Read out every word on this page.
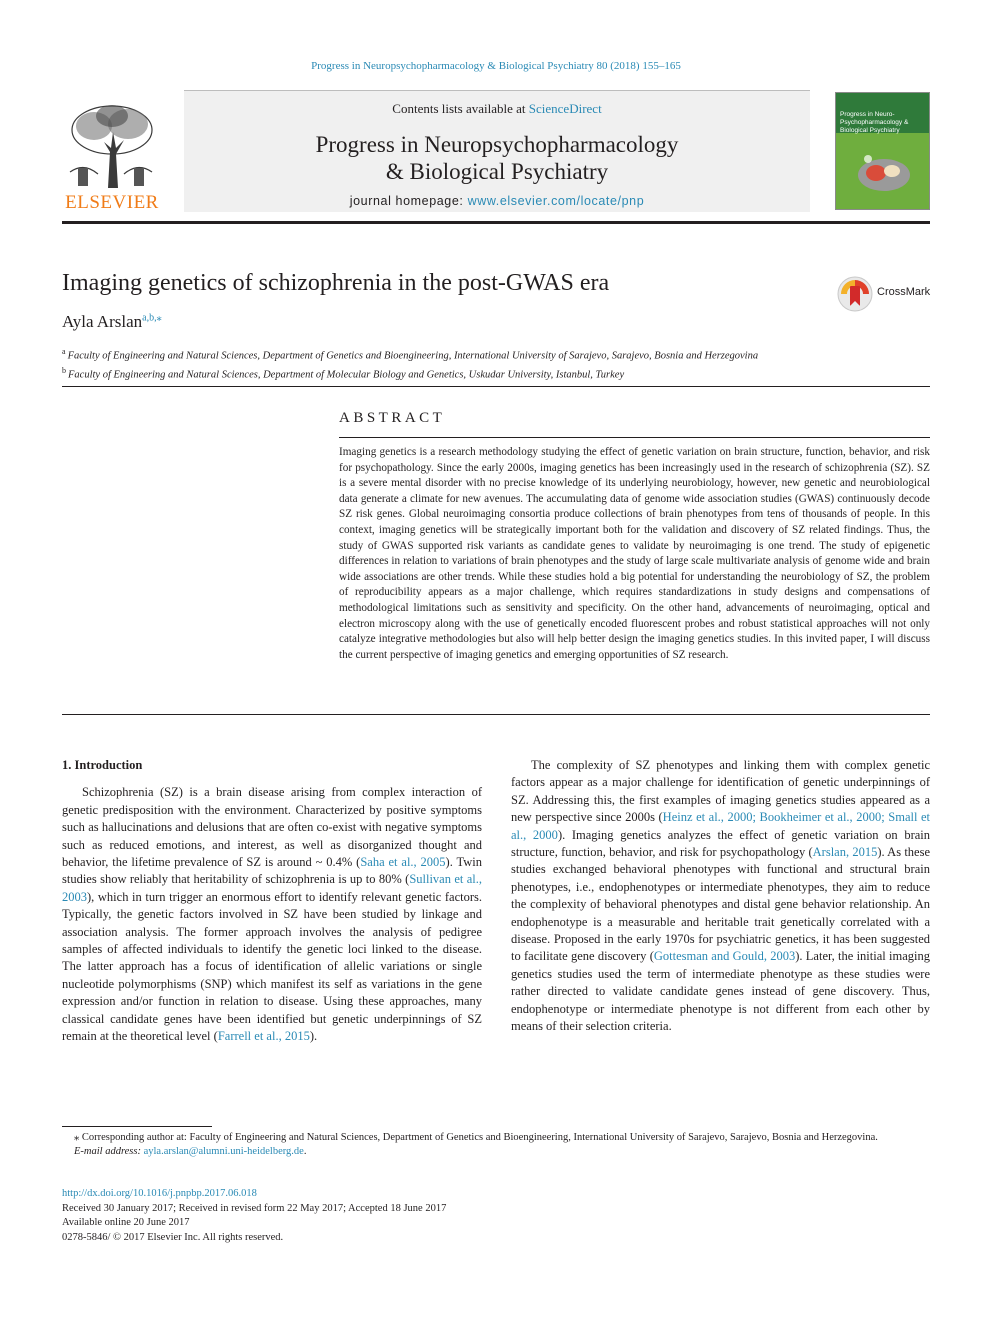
Progress in Neuropsychopharmacology & Biological Psychiatry 80 (2018) 155–165
ELSEVIER
Contents lists available at ScienceDirect
Progress in Neuropsychopharmacology
& Biological Psychiatry
journal homepage: www.elsevier.com/locate/pnp
Progress in Neuro-Psychopharmacology & Biological Psychiatry
Imaging genetics of schizophrenia in the post-GWAS era	CrossMark
Ayla Arslan$^{a,b,⁎}$
$^a$ Faculty of Engineering and Natural Sciences, Department of Genetics and Bioengineering, International University of Sarajevo, Sarajevo, Bosnia and Herzegovina
$^b$ Faculty of Engineering and Natural Sciences, Department of Molecular Biology and Genetics, Uskudar University, Istanbul, Turkey
ABSTRACT
Imaging genetics is a research methodology studying the effect of genetic variation on brain structure, function, behavior, and risk for psychopathology. Since the early 2000s, imaging genetics has been increasingly used in the research of schizophrenia (SZ). SZ is a severe mental disorder with no precise knowledge of its underlying neurobiology, however, new genetic and neurobiological data generate a climate for new avenues. The accumulating data of genome wide association studies (GWAS) continuously decode SZ risk genes. Global neuroimaging consortia produce collections of brain phenotypes from tens of thousands of people. In this context, imaging genetics will be strategically important both for the validation and discovery of SZ related findings. Thus, the study of GWAS supported risk variants as candidate genes to validate by neuroimaging is one trend. The study of epigenetic differences in relation to variations of brain phenotypes and the study of large scale multivariate analysis of genome wide and brain wide associations are other trends. While these studies hold a big potential for understanding the neurobiology of SZ, the problem of reproducibility appears as a major challenge, which requires standardizations in study designs and compensations of methodological limitations such as sensitivity and specificity. On the other hand, advancements of neuroimaging, optical and electron microscopy along with the use of genetically encoded fluorescent probes and robust statistical approaches will not only catalyze integrative methodologies but also will help better design the imaging genetics studies. In this invited paper, I will discuss the current perspective of imaging genetics and emerging opportunities of SZ research.
1. Introduction

Schizophrenia (SZ) is a brain disease arising from complex interaction of genetic predisposition with the environment. Characterized by positive symptoms such as hallucinations and delusions that are often co-exist with negative symptoms such as reduced emotions, and interest, as well as disorganized thought and behavior, the lifetime prevalence of SZ is around ~ 0.4% (Saha et al., 2005). Twin studies show reliably that heritability of schizophrenia is up to 80% (Sullivan et al., 2003), which in turn trigger an enormous effort to identify relevant genetic factors. Typically, the genetic factors involved in SZ have been studied by linkage and association analysis. The former approach involves the analysis of pedigree samples of affected individuals to identify the genetic loci linked to the disease. The latter approach has a focus of identification of allelic variations or single nucleotide polymorphisms (SNP) which manifest its self as variations in the gene expression and/or function in relation to disease. Using these approaches, many classical candidate genes have been identified but genetic underpinnings of SZ remain at the theoretical level (Farrell et al., 2015).

The complexity of SZ phenotypes and linking them with complex genetic factors appear as a major challenge for identification of genetic underpinnings of SZ. Addressing this, the first examples of imaging genetics studies appeared as a new perspective since 2000s (Heinz et al., 2000; Bookheimer et al., 2000; Small et al., 2000). Imaging genetics analyzes the effect of genetic variation on brain structure, function, behavior, and risk for psychopathology (Arslan, 2015). As these studies exchanged behavioral phenotypes with functional and structural brain phenotypes, i.e., endophenotypes or intermediate phenotypes, they aim to reduce the complexity of behavioral phenotypes and distal gene behavior relationship. An endophenotype is a measurable and heritable trait genetically correlated with a disease. Proposed in the early 1970s for psychiatric genetics, it has been suggested to facilitate gene discovery (Gottesman and Gould, 2003). Later, the initial imaging genetics studies used the term of intermediate phenotype as these studies were rather directed to validate candidate genes instead of gene discovery. Thus, endophenotype or intermediate phenotype is not different from each other by means of their selection criteria.

⁎ Corresponding author at: Faculty of Engineering and Natural Sciences, Department of Genetics and Bioengineering, International University of Sarajevo, Sarajevo, Bosnia and Herzegovina.
E-mail address: ayla.arslan@alumni.uni-heidelberg.de.
http://dx.doi.org/10.1016/j.pnpbp.2017.06.018
Received 30 January 2017; Received in revised form 22 May 2017; Accepted 18 June 2017
Available online 20 June 2017
0278-5846/ © 2017 Elsevier Inc. All rights reserved.
